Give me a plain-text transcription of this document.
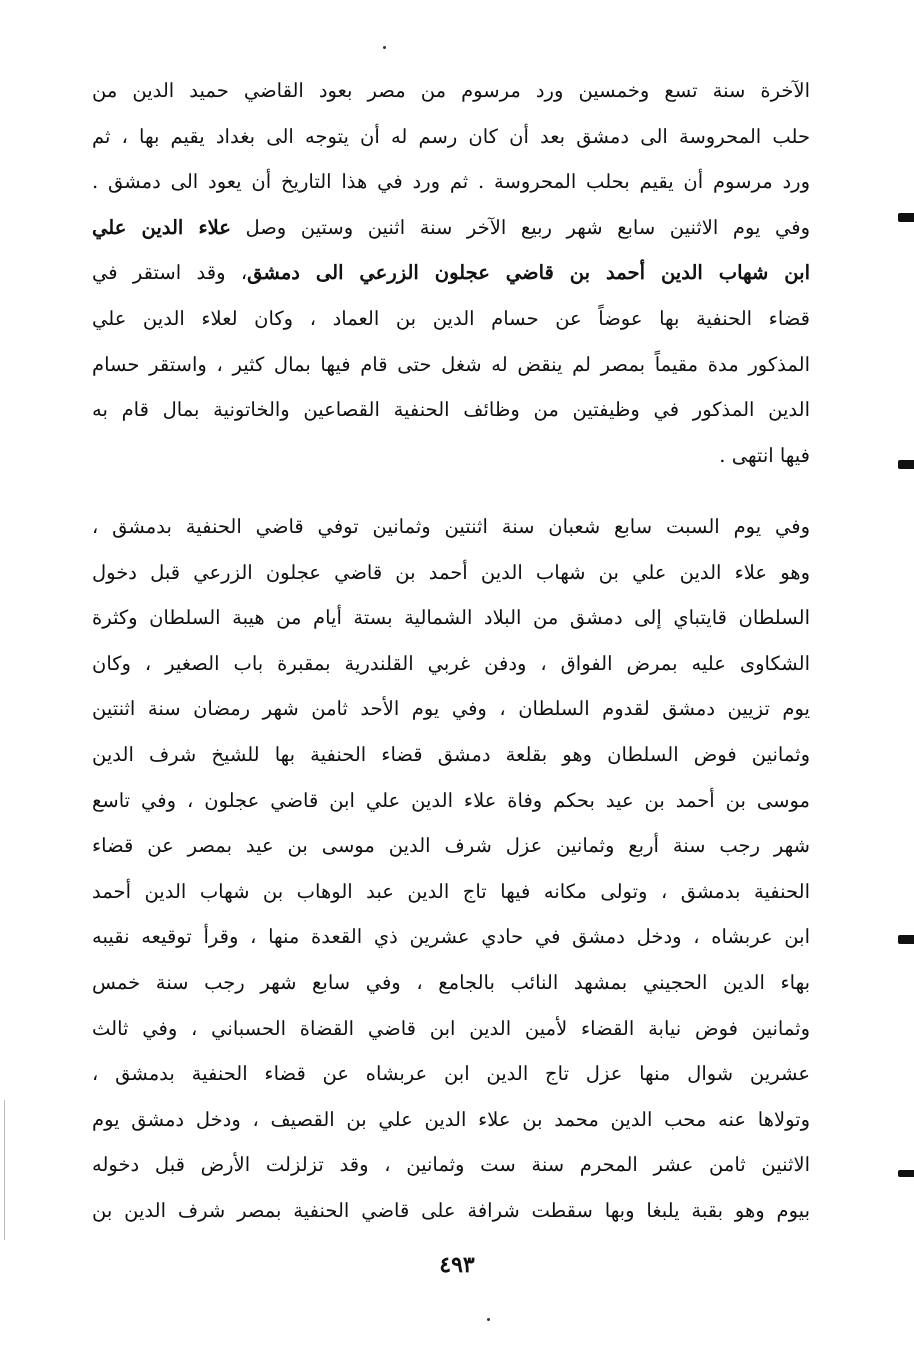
الآخرة سنة تسع وخمسين ورد مرسوم من مصر بعود القاضي حميد الدين من
حلب المحروسة الى دمشق بعد أن كان رسم له أن يتوجه الى بغداد يقيم بها ، ثم
ورد مرسوم أن يقيم بحلب المحروسة . ثم ورد في هذا التاريخ أن يعود الى دمشق .
وفي يوم الاثنين سابع شهر ربيع الآخر سنة اثنين وستين وصل علاء الدين علي
ابن شهاب الدين أحمد بن قاضي عجلون الزرعي الى دمشق، وقد استقر في
قضاء الحنفية بها عوضاً عن حسام الدين بن العماد ، وكان لعلاء الدين علي
المذكور مدة مقيماً بمصر لم ينقض له شغل حتى قام فيها بمال كثير ، واستقر حسام
الدين المذكور في وظيفتين من وظائف الحنفية القصاعين والخاتونية بمال قام به
فيها انتهى .
وفي يوم السبت سابع شعبان سنة اثنتين وثمانين توفي قاضي الحنفية بدمشق ،
وهو علاء الدين علي بن شهاب الدين أحمد بن قاضي عجلون الزرعي قبل دخول
السلطان قايتباي إلى دمشق من البلاد الشمالية بستة أيام من هيبة السلطان وكثرة
الشكاوى عليه بمرض الفواق ، ودفن غربي القلندرية بمقبرة باب الصغير ، وكان
يوم تزيين دمشق لقدوم السلطان ، وفي يوم الأحد ثامن شهر رمضان سنة اثنتين
وثمانين فوض السلطان وهو بقلعة دمشق قضاء الحنفية بها للشيخ شرف الدين
موسى بن أحمد بن عيد بحكم وفاة علاء الدين علي ابن قاضي عجلون ، وفي تاسع
شهر رجب سنة أربع وثمانين عزل شرف الدين موسى بن عيد بمصر عن قضاء
الحنفية بدمشق ، وتولى مكانه فيها تاج الدين عبد الوهاب بن شهاب الدين أحمد
ابن عربشاه ، ودخل دمشق في حادي عشرين ذي القعدة منها ، وقرأ توقيعه نقيبه
بهاء الدين الحجيني بمشهد النائب بالجامع ، وفي سابع شهر رجب سنة خمس
وثمانين فوض نيابة القضاء لأمين الدين ابن قاضي القضاة الحسباني ، وفي ثالث
عشرين شوال منها عزل تاج الدين ابن عربشاه عن قضاء الحنفية بدمشق ،
وتولاها عنه محب الدين محمد بن علاء الدين علي بن القصيف ، ودخل دمشق يوم
الاثنين ثامن عشر المحرم سنة ست وثمانين ، وقد تزلزلت الأرض قبل دخوله
بيوم وهو بقبة يلبغا وبها سقطت شرافة على قاضي الحنفية بمصر شرف الدين بن
٤٩٣
